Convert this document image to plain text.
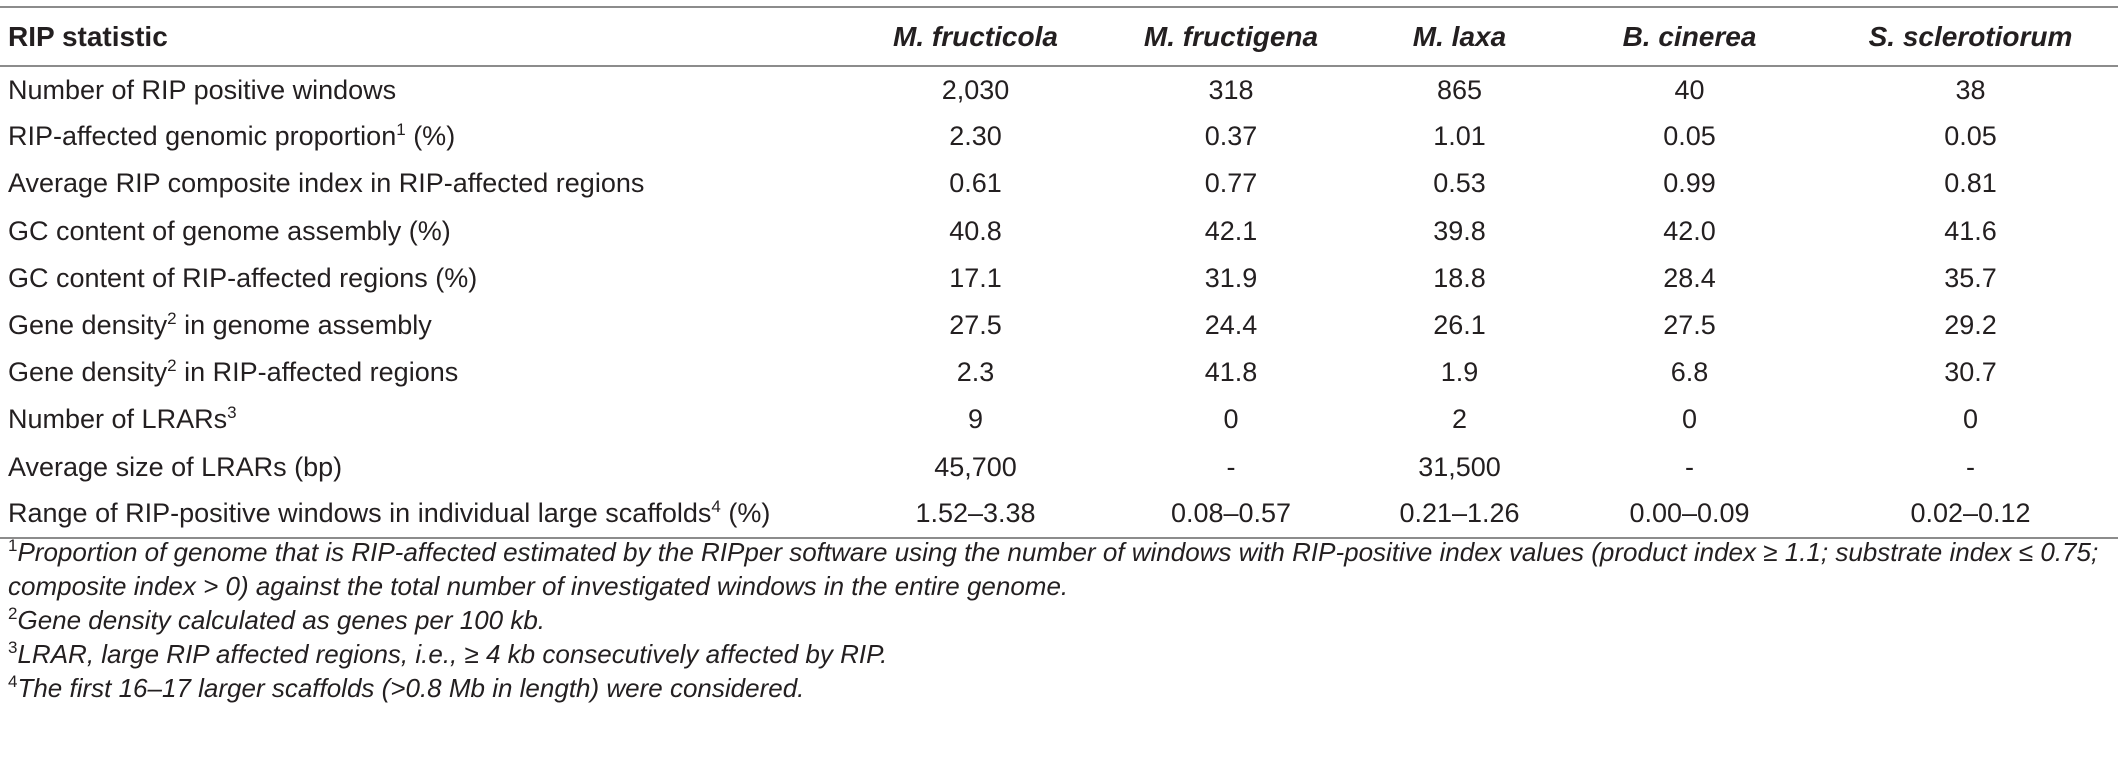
RIP statistic	M. fructicola	M. fructigena	M. laxa	B. cinerea	S. sclerotiorum
Number of RIP positive windows	2,030	318	865	40	38
RIP-affected genomic proportion$^1$ (%)	2.30	0.37	1.01	0.05	0.05
Average RIP composite index in RIP-affected regions	0.61	0.77	0.53	0.99	0.81
GC content of genome assembly (%)	40.8	42.1	39.8	42.0	41.6
GC content of RIP-affected regions (%)	17.1	31.9	18.8	28.4	35.7
Gene density$^2$ in genome assembly	27.5	24.4	26.1	27.5	29.2
Gene density$^2$ in RIP-affected regions	2.3	41.8	1.9	6.8	30.7
Number of LRARs$^3$	9	0	2	0	0
Average size of LRARs (bp)	45,700	-	31,500	-	-
Range of RIP-positive windows in individual large scaffolds$^4$ (%)	1.52–3.38	0.08–0.57	0.21–1.26	0.00–0.09	0.02–0.12
$^1$Proportion of genome that is RIP-affected estimated by the RIPper software using the number of windows with RIP-positive index values (product index ≥ 1.1; substrate index ≤ 0.75; composite index > 0) against the total number of investigated windows in the entire genome.
$^2$Gene density calculated as genes per 100 kb.
$^3$LRAR, large RIP affected regions, i.e., ≥ 4 kb consecutively affected by RIP.
$^4$The first 16–17 larger scaffolds (>0.8 Mb in length) were considered.
